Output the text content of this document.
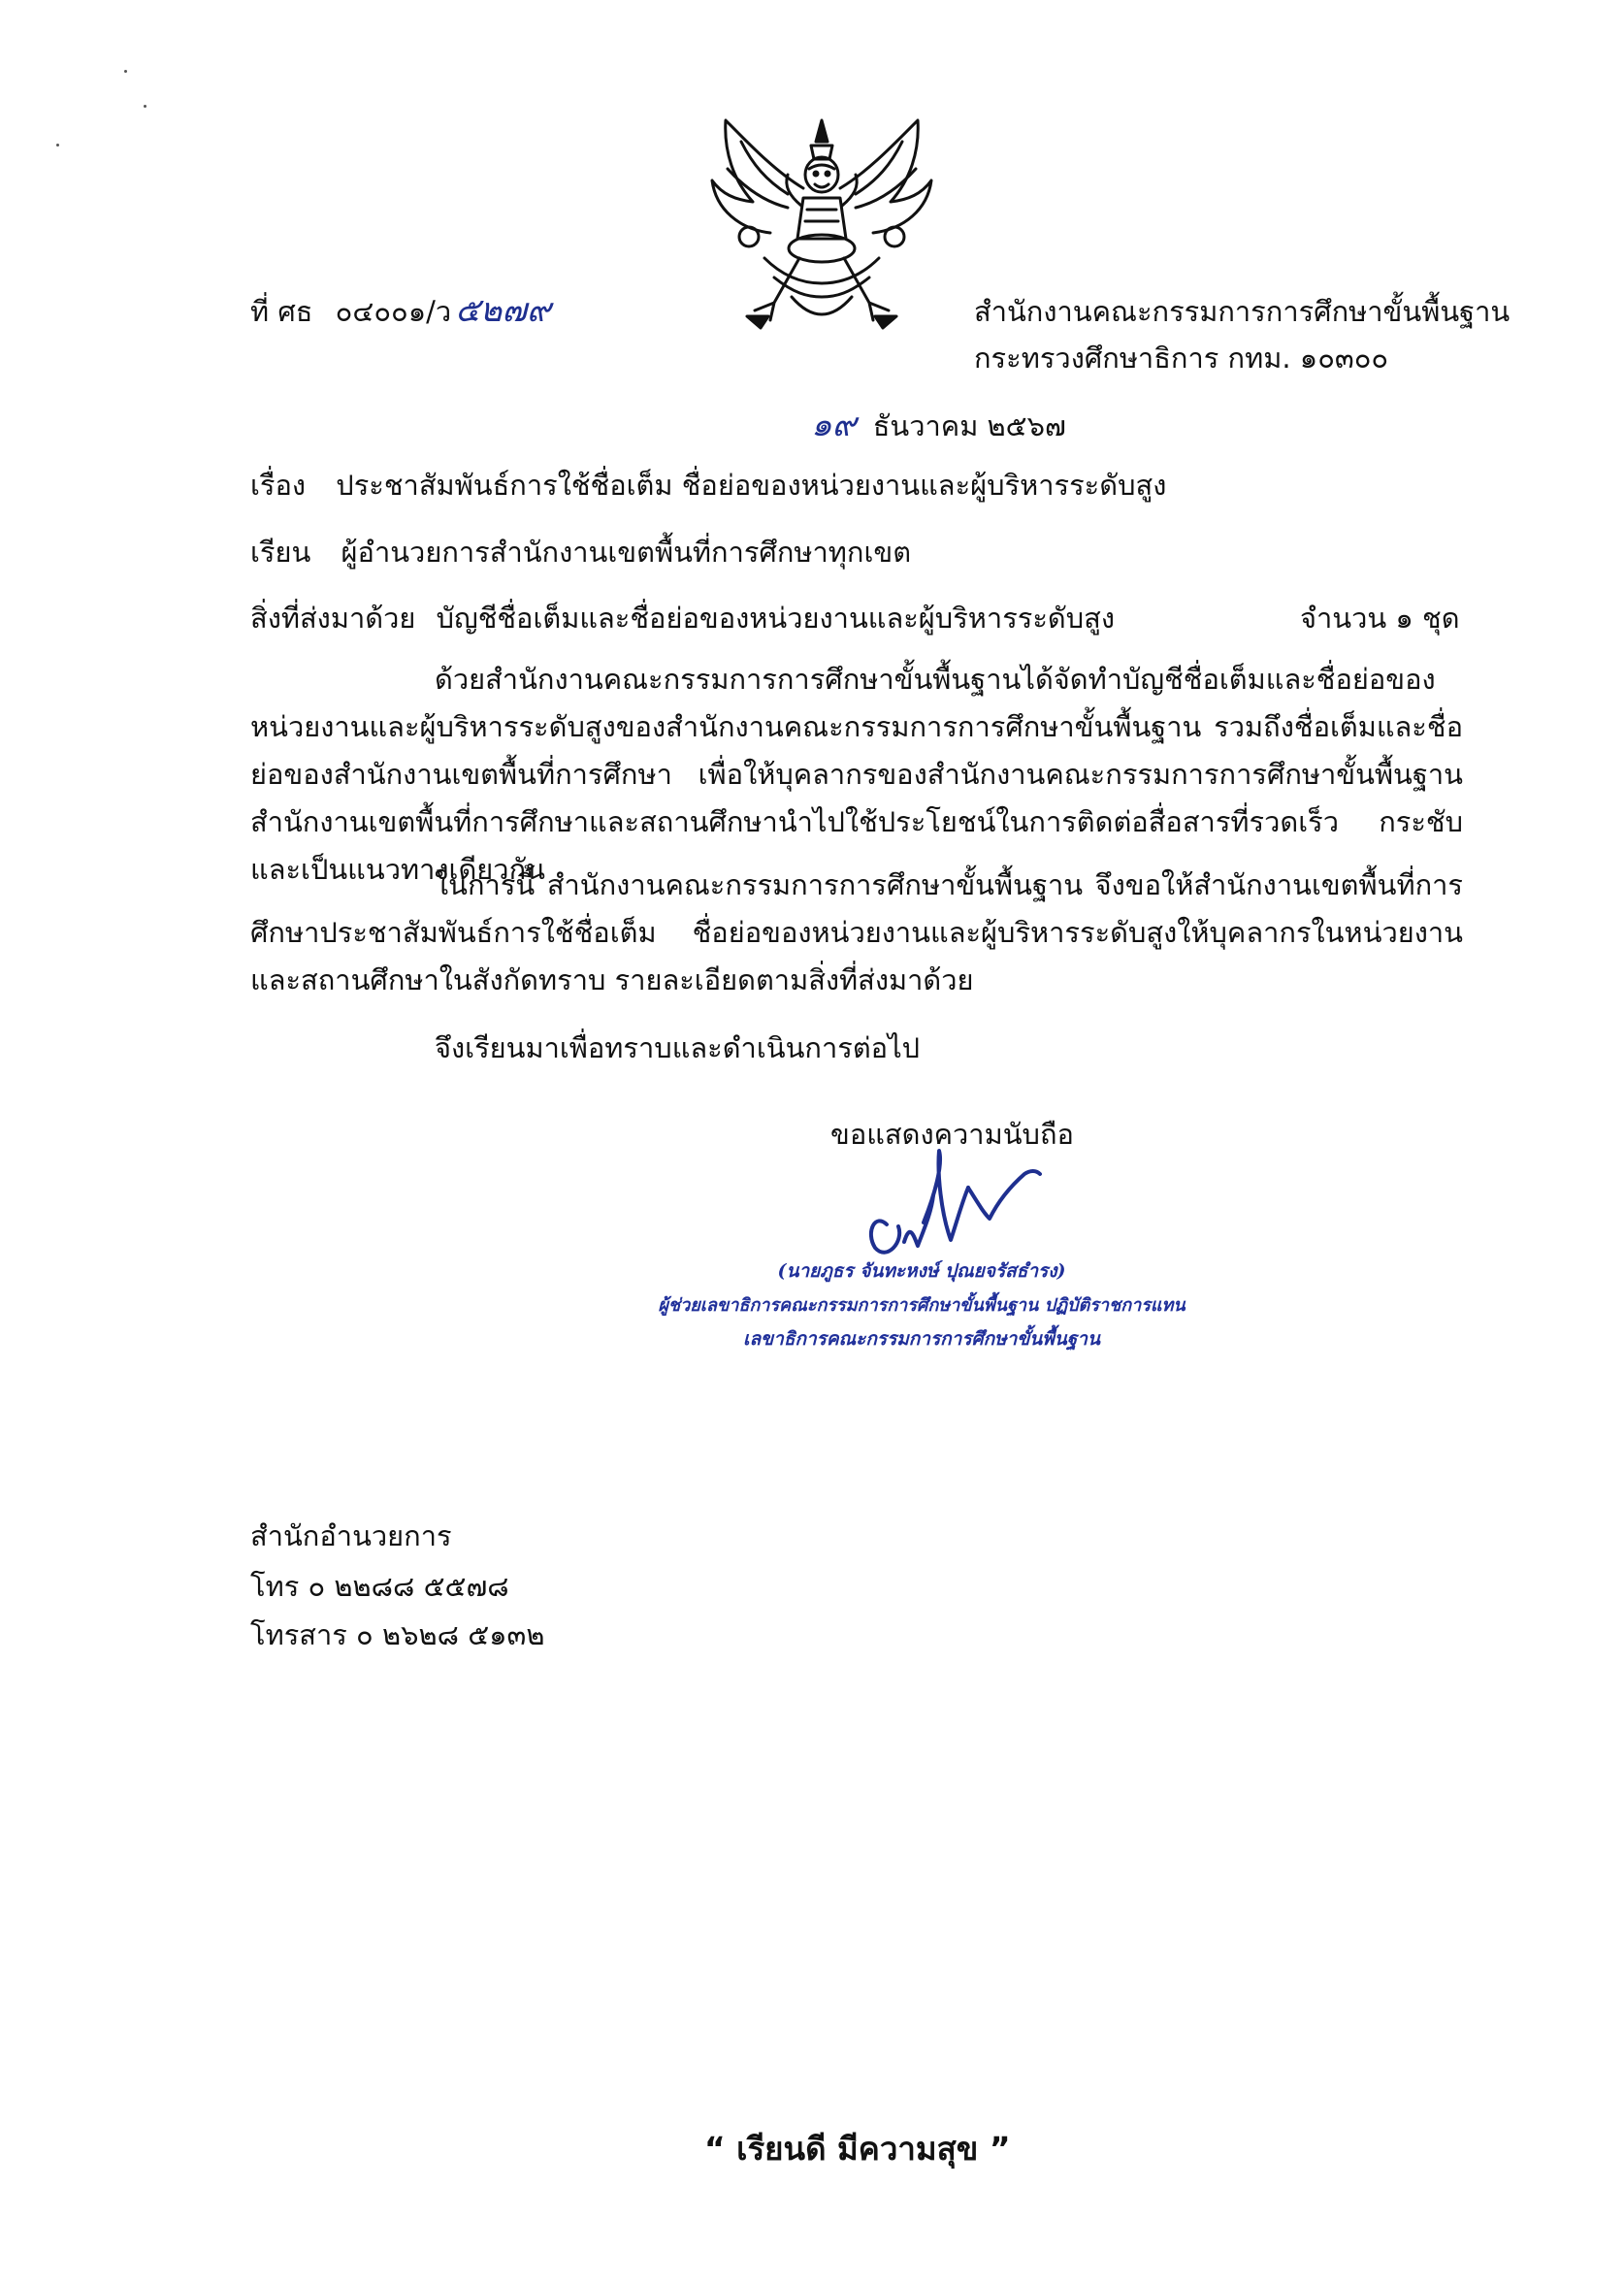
ที่ ศธ ๐๔๐๐๑/ว ๕๒๗๙	สำนักงานคณะกรรมการการศึกษาขั้นพื้นฐาน
กระทรวงศึกษาธิการ กทม. ๑๐๓๐๐
๑๙ ธันวาคม ๒๕๖๗
เรื่อง ประชาสัมพันธ์การใช้ชื่อเต็ม ชื่อย่อของหน่วยงานและผู้บริหารระดับสูง
เรียน ผู้อำนวยการสำนักงานเขตพื้นที่การศึกษาทุกเขต
สิ่งที่ส่งมาด้วย บัญชีชื่อเต็มและชื่อย่อของหน่วยงานและผู้บริหารระดับสูง	จำนวน ๑ ชุด
ด้วยสำนักงานคณะกรรมการการศึกษาขั้นพื้นฐานได้จัดทำบัญชีชื่อเต็มและชื่อย่อของหน่วยงานและผู้บริหารระดับสูงของสำนักงานคณะกรรมการการศึกษาขั้นพื้นฐาน รวมถึงชื่อเต็มและชื่อย่อของสำนักงานเขตพื้นที่การศึกษา เพื่อให้บุคลากรของสำนักงานคณะกรรมการการศึกษาขั้นพื้นฐาน สำนักงานเขตพื้นที่การศึกษาและสถานศึกษานำไปใช้ประโยชน์ในการติดต่อสื่อสารที่รวดเร็ว กระชับและเป็นแนวทางเดียวกัน
ในการนี้ สำนักงานคณะกรรมการการศึกษาขั้นพื้นฐาน จึงขอให้สำนักงานเขตพื้นที่การศึกษาประชาสัมพันธ์การใช้ชื่อเต็ม ชื่อย่อของหน่วยงานและผู้บริหารระดับสูงให้บุคลากรในหน่วยงานและสถานศึกษาในสังกัดทราบ รายละเอียดตามสิ่งที่ส่งมาด้วย
จึงเรียนมาเพื่อทราบและดำเนินการต่อไป
ขอแสดงความนับถือ
(นายภูธร จันทะหงษ์ ปุณยจรัสธำรง)
ผู้ช่วยเลขาธิการคณะกรรมการการศึกษาขั้นพื้นฐาน ปฏิบัติราชการแทน
เลขาธิการคณะกรรมการการศึกษาขั้นพื้นฐาน
สำนักอำนวยการ
โทร ๐ ๒๒๘๘ ๕๕๗๘
โทรสาร ๐ ๒๖๒๘ ๕๑๓๒
“ เรียนดี มีความสุข ”
